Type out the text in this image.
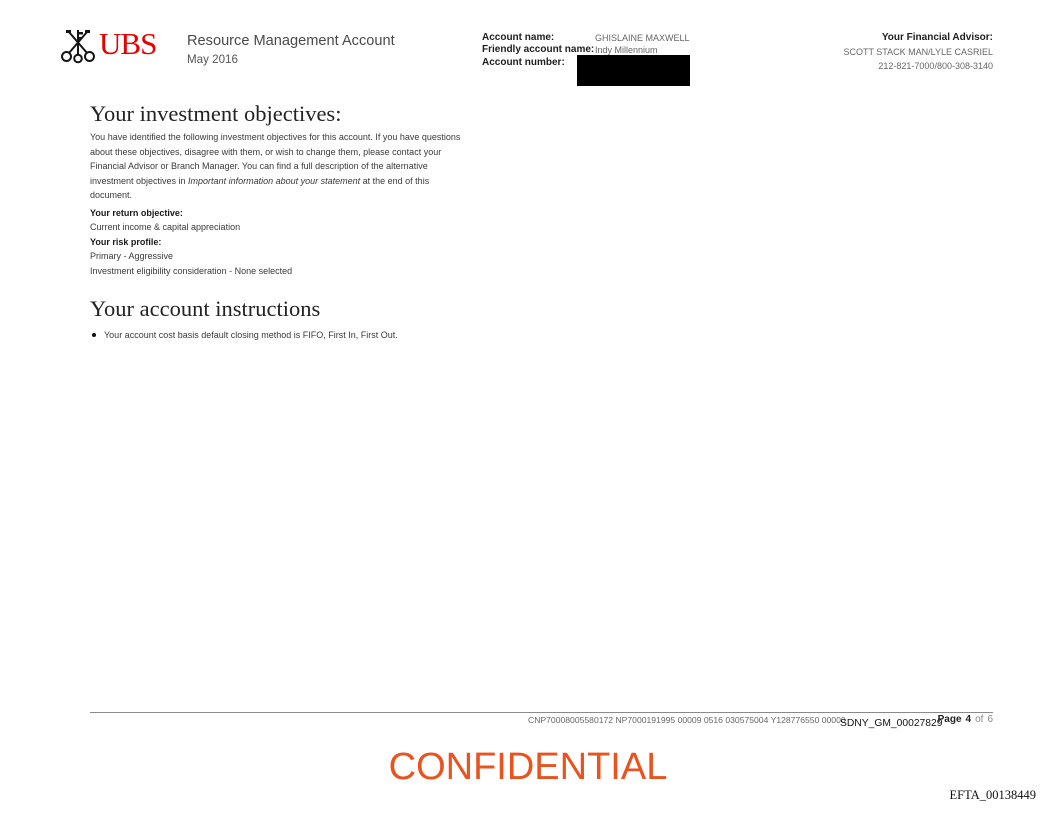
UBS Resource Management Account
May 2016
Account name:	GHISLAINE MAXWELL
Friendly account name: Indy Millennium
Account number:
Your Financial Advisor:
SCOTT STACK MAN/LYLE CASRIEL
212-821-7000/800-308-3140
Your investment objectives:
You have identified the following investment objectives for this account. If you have questions
about these objectives, disagree with them, or wish to change them, please contact your
Financial Advisor or Branch Manager. You can find a full description of the alternative
investment objectives in Important information about your statement at the end of this
document.
Your return objective:
Current income & capital appreciation
Your risk profile:
Primary - Aggressive
Investment eligibility consideration - None selected
Your account instructions
Your account cost basis default closing method is FIFO, First In, First Out.
CNP70008005580172 NP7000191995 00009 0516 030575004 Y128776550 00000
SDNY_GM_00027829
Page 4 of 6
CONFIDENTIAL
EFTA_00138449
